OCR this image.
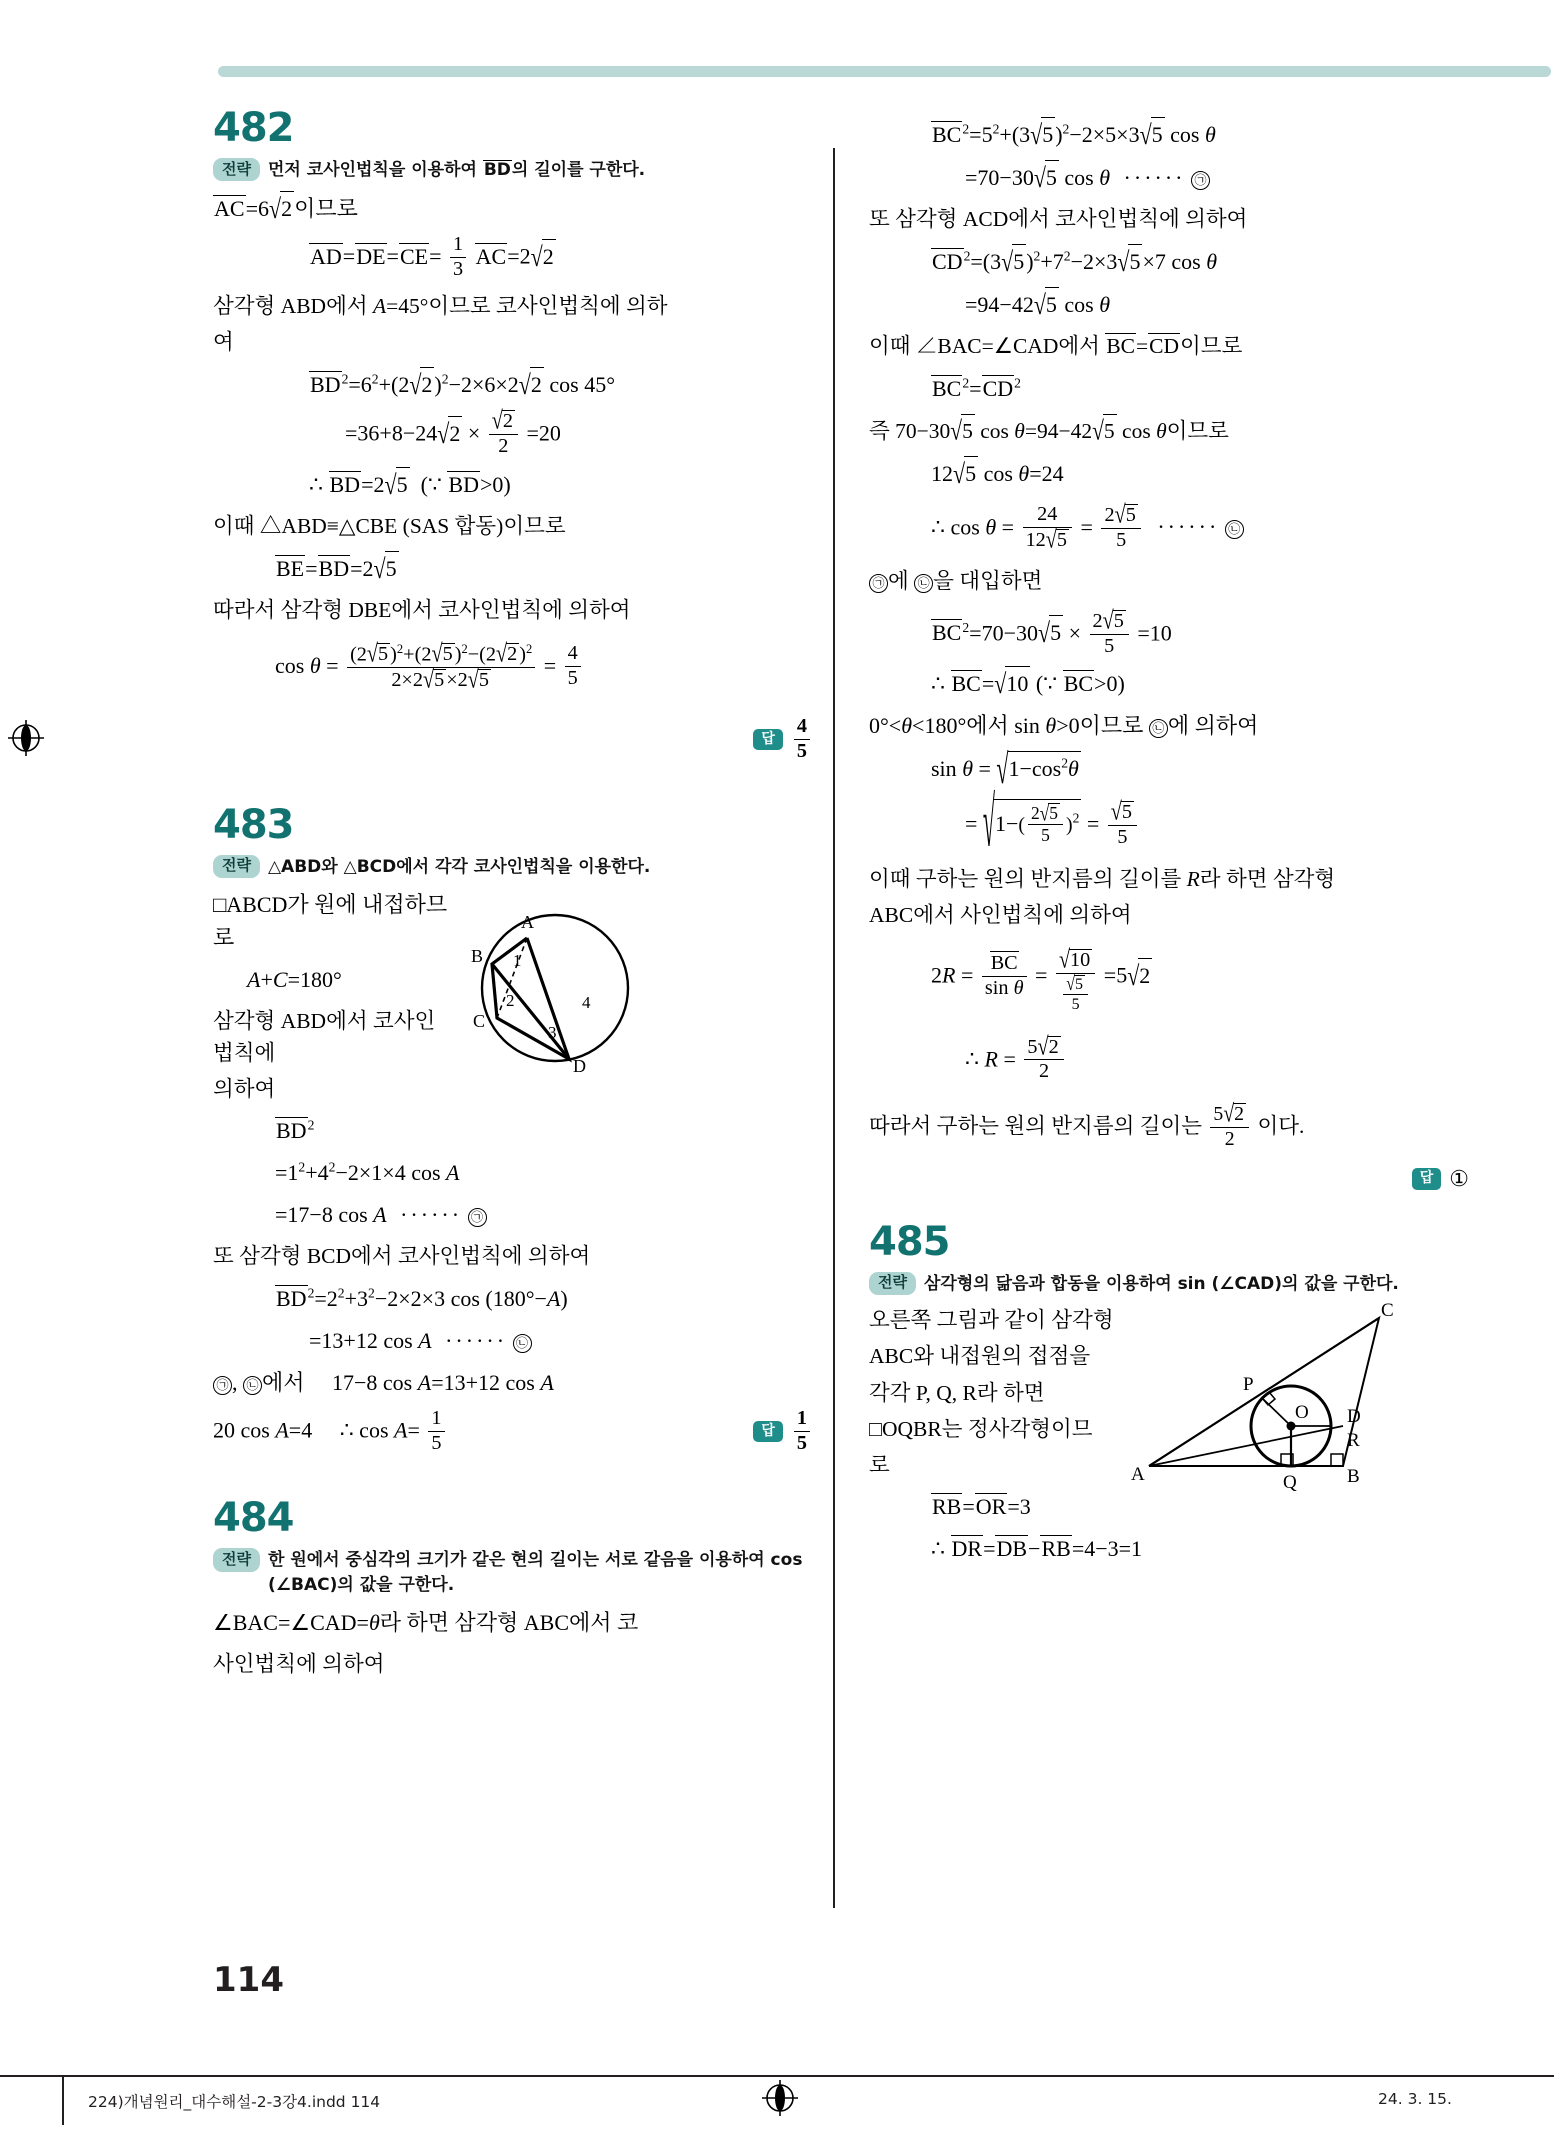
482
전략	먼저 코사인법칙을 이용하여 BD의 길이를 구한다.
AC=6√2이므로
$AD=DE=CE= \frac{1}{3} AC=2√2$
삼각형 ABD에서 A=45°이므로 코사인법칙에 의하
여
$BD^2=6^2+(2√2)^2-2\times 6\times 2√2$ cos 45°
$=36+8-24√2 \times \frac{√2}{2} =20$
∴ BD=2√5  (∵ BD>0)
이때 △ABD≡△CBE (SAS 합동)이므로
BE=BD=2√5
따라서 삼각형 DBE에서 코사인법칙에 의하여
$\cos \theta = \frac{(2√5)^2+(2√5)^2-(2√2)^2}{2\times 2√5\times 2√5} = \frac{4}{5}$
답 $\frac{4}{5}$
483
전략	△ABD와 △BCD에서 각각 코사인법칙을 이용한다.
A
B
C
D
1
2
3
4
□ABCD가 원에 내접하므로
A+C=180°
삼각형 ABD에서 코사인법칙에
의하여
$BD^2$
$=1^2+4^2-2\times 1\times 4$ cos A
=17−8 cos A ······ ㉠
또 삼각형 BCD에서 코사인법칙에 의하여
$BD^2=2^2+3^2-2\times 2\times 3$ cos (180°−A)
=13+12 cos A ······ ㉡
㉠ , ㉡ 에서     17−8 cos A=13+12 cos A
20 cos A=4     ∴ $\cos A= \frac{1}{5}$	답 $\frac{1}{5}$
484
전략	한 원에서 중심각의 크기가 같은 현의 길이는 서로 같음을 이용하여 cos (∠BAC)의 값을 구한다.
∠BAC=∠CAD=θ라 하면 삼각형 ABC에서 코
사인법칙에 의하여
$BC^2=5^2+(3√5)^2-2\times 5\times 3√5$ cos θ
=70−30√5 cos θ ······ ㉠
또 삼각형 ACD에서 코사인법칙에 의하여
$CD^2=(3√5)^2+7^2-2\times 3√5\times 7$ cos θ
=94−42√5 cos θ
이때 ∠BAC=∠CAD에서 BC=CD이므로
$BC^2=CD^2$
즉 70−30√5 cos θ=94−42√5 cos θ이므로
12√5 cos θ=24
∴ $\cos \theta = \frac{24}{12√5} = \frac{2√5}{5}$ ······ ㉡
㉠ 에 ㉡ 을 대입하면
$BC^2=70-30√5 \times \frac{2√5}{5} =10$
∴ BC=√10 (∵ BC>0)
0°<θ<180°에서 sin θ>0이므로 ㉡ 에 의하여
$\sin \theta = √1-\cos^2\theta$
= $√1-( \frac{2√5}{5} )^2 = \frac{√5}{5}$
이때 구하는 원의 반지름의 길이를 R라 하면 삼각형
ABC에서 사인법칙에 의하여
$2R = \frac{BC}{\text{sin θ}} = \frac{√10}{\frac{√5}{5}} =5√2$
∴ $R = \frac{5√2}{2}$
따라서 구하는 원의 반지름의 길이는 $\frac{5√2}{2}$ 이다.
답 ①
485
전략	삼각형의 닮음과 합동을 이용하여 sin (∠CAD)의 값을 구한다.
C
P
O D
R
A	Q	B
오른쪽 그림과 같이 삼각형
ABC와 내접원의 접점을
각각 P, Q, R라 하면
□OQBR는 정사각형이므
로
RB=OR=3
∴ DR=DB−RB=4−3=1
114
224)개념원리_대수해설-2-3강4.indd 114	24. 3. 15.
